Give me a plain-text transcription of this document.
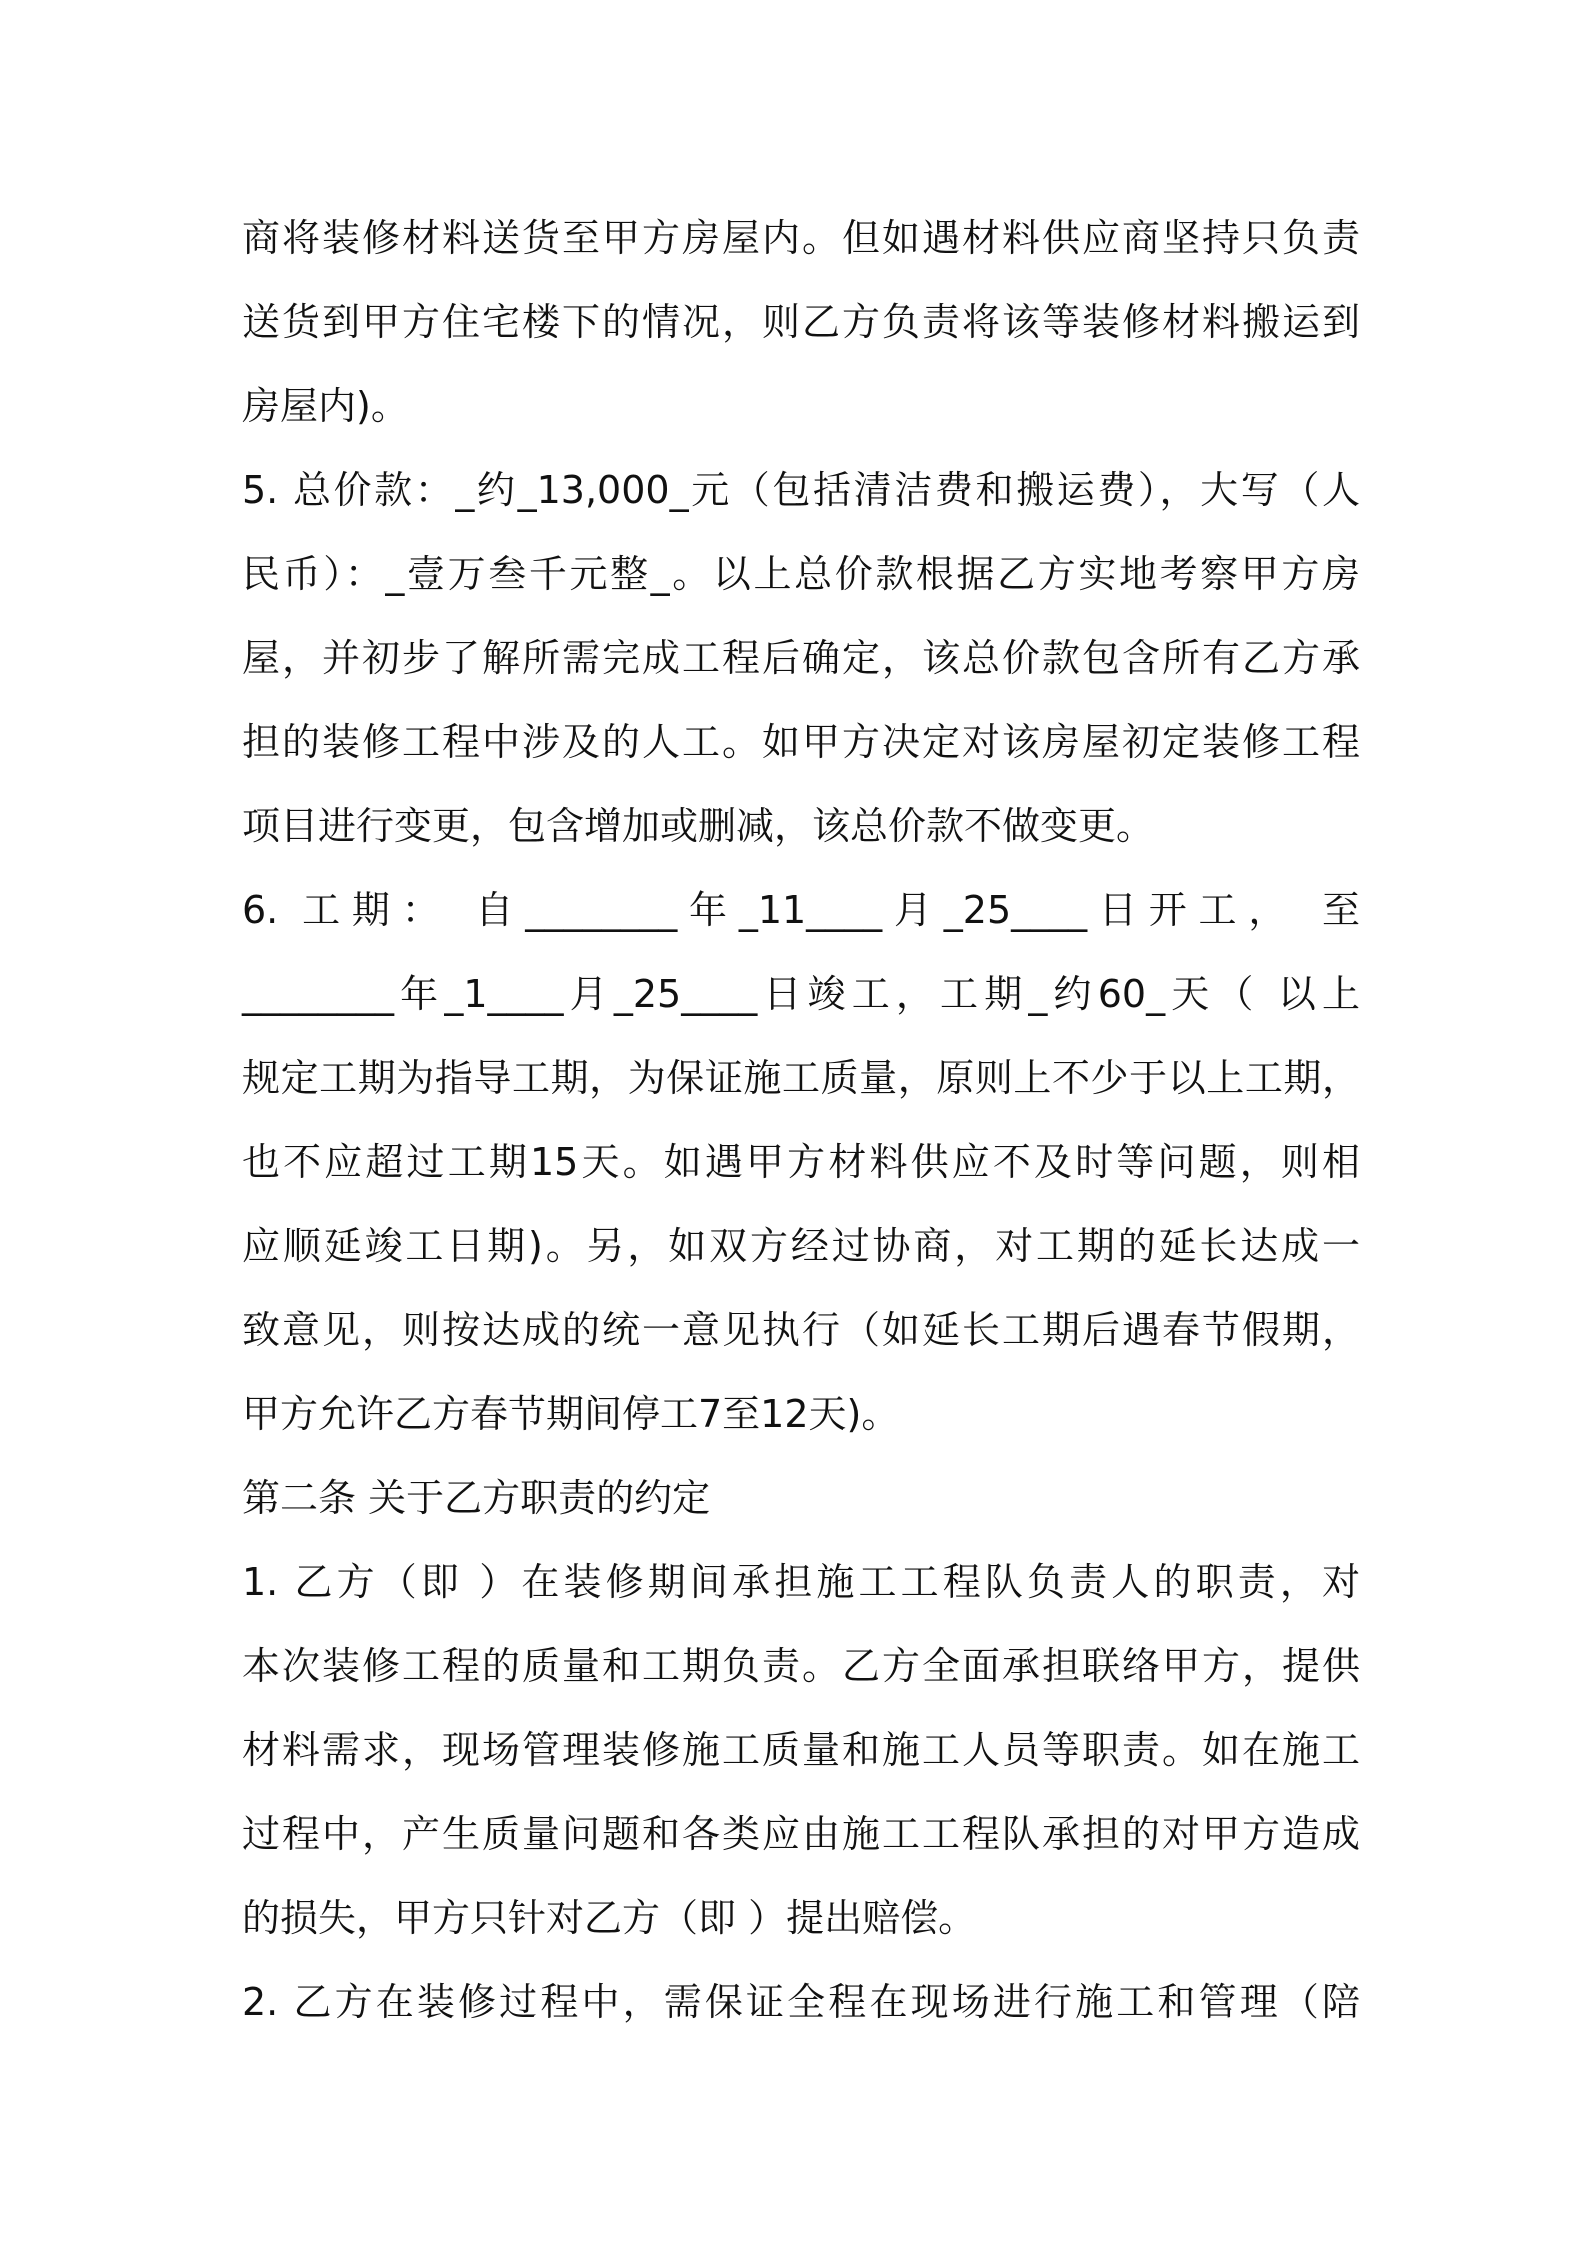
商将装修材料送货至甲方房屋内。但如遇材料供应商坚持只负责
送货到甲方住宅楼下的情况，则乙方负责将该等装修材料搬运到
房屋内)。
5. 总价款：_约_13,000_元（包括清洁费和搬运费），大写（人
民币）：_壹万叁千元整_。以上总价款根据乙方实地考察甲方房
屋，并初步了解所需完成工程后确定，该总价款包含所有乙方承
担的装修工程中涉及的人工。如甲方决定对该房屋初定装修工程
项目进行变更，包含增加或删减，该总价款不做变更。
6. 工期： 自________年_11____月_25____日开工， 至
________年_1____月_25____日竣工，工期_约60_天（ 以上
规定工期为指导工期，为保证施工质量，原则上不少于以上工期，
也不应超过工期15天。如遇甲方材料供应不及时等问题，则相
应顺延竣工日期)。另，如双方经过协商，对工期的延长达成一
致意见，则按达成的统一意见执行（如延长工期后遇春节假期，
甲方允许乙方春节期间停工7至12天)。
第二条 关于乙方职责的约定
1. 乙方（即 ）在装修期间承担施工工程队负责人的职责，对
本次装修工程的质量和工期负责。乙方全面承担联络甲方，提供
材料需求，现场管理装修施工质量和施工人员等职责。如在施工
过程中，产生质量问题和各类应由施工工程队承担的对甲方造成
的损失，甲方只针对乙方（即 ）提出赔偿。
2. 乙方在装修过程中，需保证全程在现场进行施工和管理（陪
